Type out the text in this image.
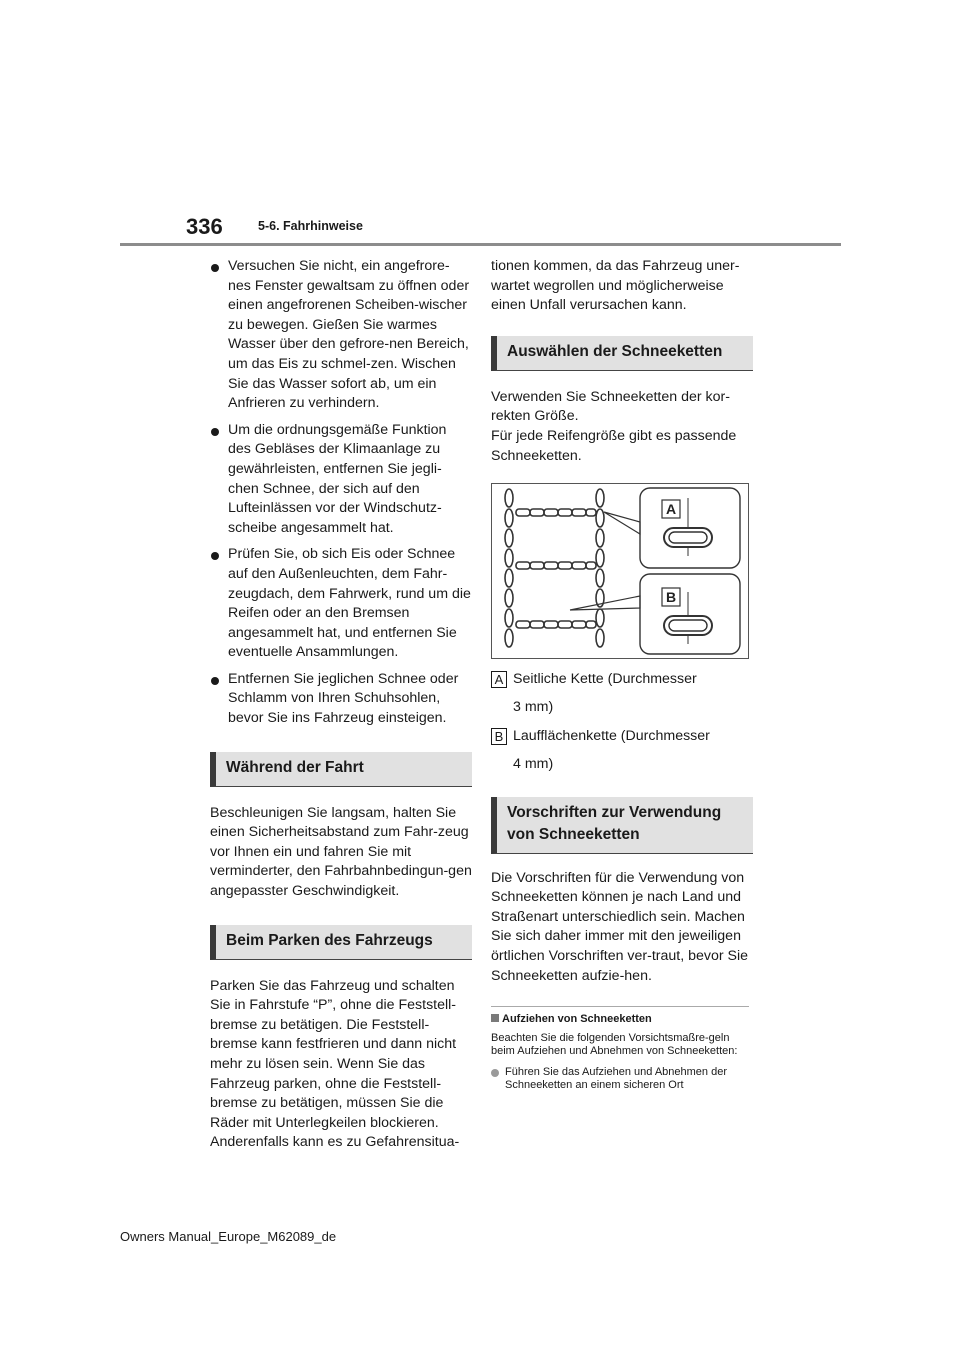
336	5-6. Fahrhinweise
Versuchen Sie nicht, ein angefrore-nes Fenster gewaltsam zu öffnen oder einen angefrorenen Scheiben-wischer zu bewegen. Gießen Sie warmes Wasser über den gefrore-nen Bereich, um das Eis zu schmel-zen. Wischen Sie das Wasser sofort ab, um ein Anfrieren zu verhindern.
Um die ordnungsgemäße Funktion des Gebläses der Klimaanlage zu gewährleisten, entfernen Sie jegli-chen Schnee, der sich auf den Lufteinlässen vor der Windschutz-scheibe angesammelt hat.
Prüfen Sie, ob sich Eis oder Schnee auf den Außenleuchten, dem Fahr-zeugdach, dem Fahrwerk, rund um die Reifen oder an den Bremsen angesammelt hat, und entfernen Sie eventuelle Ansammlungen.
Entfernen Sie jeglichen Schnee oder Schlamm von Ihren Schuhsohlen, bevor Sie ins Fahrzeug einsteigen.
Während der Fahrt

Beschleunigen Sie langsam, halten Sie einen Sicherheitsabstand zum Fahr-zeug vor Ihnen ein und fahren Sie mit verminderter, den Fahrbahnbedingun-gen angepasster Geschwindigkeit.

Beim Parken des Fahrzeugs

Parken Sie das Fahrzeug und schalten Sie in Fahrstufe “P”, ohne die Feststell-bremse zu betätigen. Die Feststell-bremse kann festfrieren und dann nicht mehr zu lösen sein. Wenn Sie das Fahrzeug parken, ohne die Feststell-bremse zu betätigen, müssen Sie die Räder mit Unterlegkeilen blockieren. Anderenfalls kann es zu Gefahrensitua-

tionen kommen, da das Fahrzeug uner-wartet wegrollen und möglicherweise einen Unfall verursachen kann.

Auswählen der Schneeketten

Verwenden Sie Schneeketten der kor-rekten Größe.
Für jede Reifengröße gibt es passende Schneeketten.

A
B
A Seitliche Kette (Durchmesser
3 mm)
B Laufflächenkette (Durchmesser
4 mm)
Vorschriften zur Verwendung von Schneeketten

Die Vorschriften für die Verwendung von Schneeketten können je nach Land und Straßenart unterschiedlich sein. Machen Sie sich daher immer mit den jeweiligen örtlichen Vorschriften ver-traut, bevor Sie Schneeketten aufzie-hen.

Aufziehen von Schneeketten
Beachten Sie die folgenden Vorsichtsmaßre-geln beim Aufziehen und Abnehmen von Schneeketten:
Führen Sie das Aufziehen und Abnehmen der Schneeketten an einem sicheren Ort
Owners Manual_Europe_M62089_de
